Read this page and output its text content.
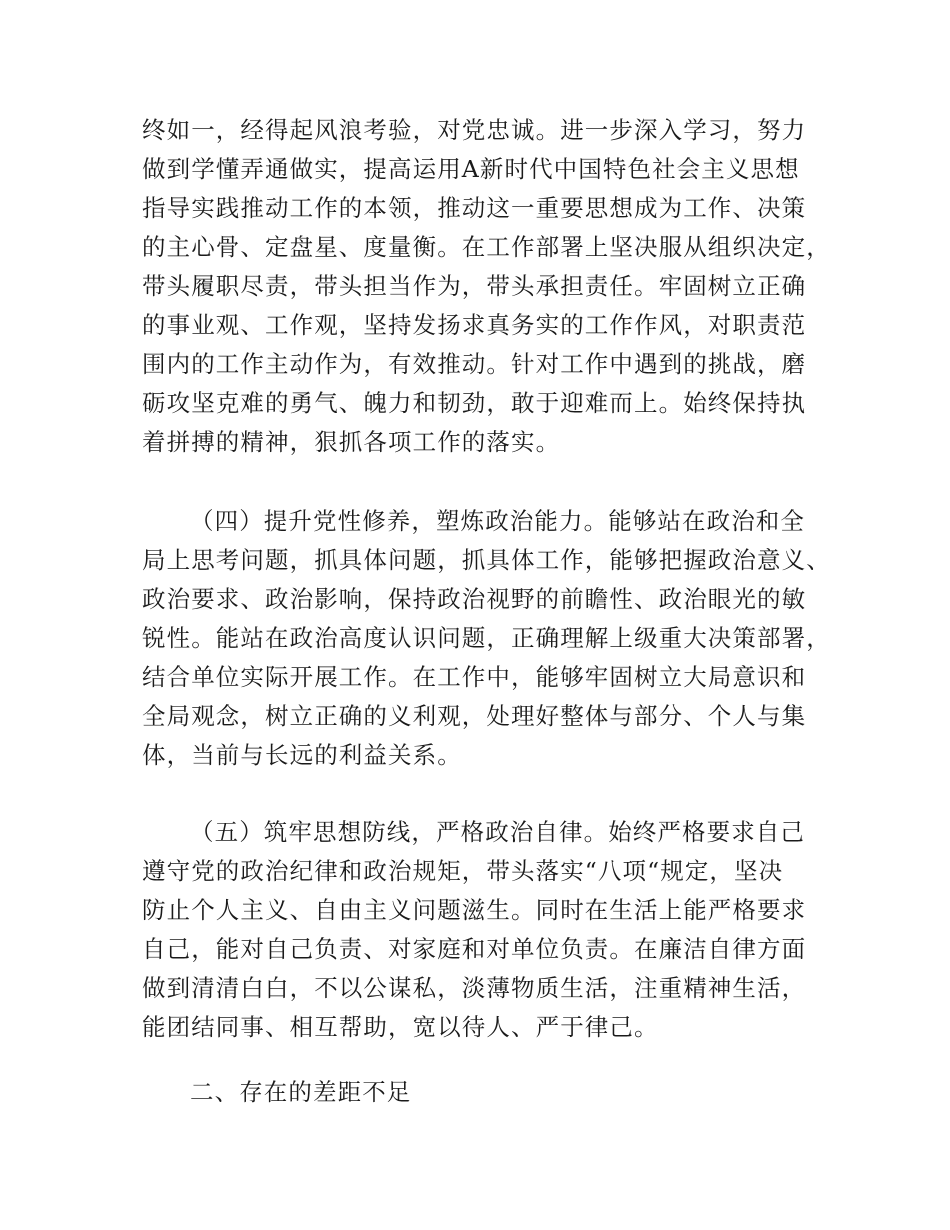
终如一，经得起风浪考验，对党忠诚。进一步深入学习，努力

做到学懂弄通做实，提高运用A新时代中国特色社会主义思想

指导实践推动工作的本领，推动这一重要思想成为工作、决策

的主心骨、定盘星、度量衡。在工作部署上坚决服从组织决定，

带头履职尽责，带头担当作为，带头承担责任。牢固树立正确

的事业观、工作观，坚持发扬求真务实的工作作风，对职责范

围内的工作主动作为，有效推动。针对工作中遇到的挑战，磨

砺攻坚克难的勇气、魄力和韧劲，敢于迎难而上。始终保持执

着拼搏的精神，狠抓各项工作的落实。

（四）提升党性修养，塑炼政治能力。能够站在政治和全

局上思考问题，抓具体问题，抓具体工作，能够把握政治意义、

政治要求、政治影响，保持政治视野的前瞻性、政治眼光的敏

锐性。能站在政治高度认识问题，正确理解上级重大决策部署，

结合单位实际开展工作。在工作中，能够牢固树立大局意识和

全局观念，树立正确的义利观，处理好整体与部分、个人与集

体，当前与长远的利益关系。

（五）筑牢思想防线，严格政治自律。始终严格要求自己

遵守党的政治纪律和政治规矩，带头落实“八项“规定，坚决

防止个人主义、自由主义问题滋生。同时在生活上能严格要求

自己，能对自己负责、对家庭和对单位负责。在廉洁自律方面

做到清清白白，不以公谋私，淡薄物质生活，注重精神生活，

能团结同事、相互帮助，宽以待人、严于律己。

二、存在的差距不足
